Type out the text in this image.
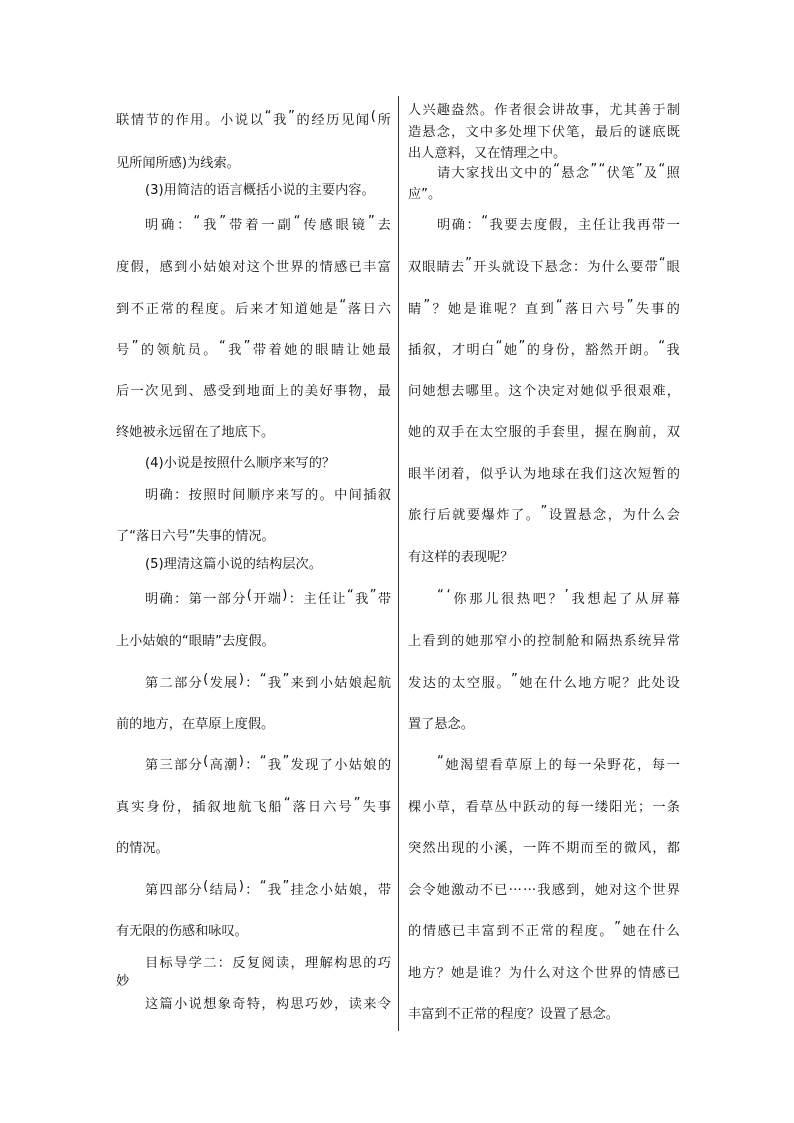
联 情 节 的 作 用 。 小 说 以 “ 我 ” 的 经 历 见 闻 ( 所
见所闻所感)为线索。
(3)用简洁的语言概括小说的主要内容。
明 确 ： “ 我 ” 带 着 一 副 “ 传 感 眼 镜 ” 去
度 假 ， 感 到 小 姑 娘 对 这 个 世 界 的 情 感 已 丰 富
到 不 正 常 的 程 度 。 后 来 才 知 道 她 是 “ 落 日 六
号 ” 的 领 航 员 。 “ 我 ” 带 着 她 的 眼 睛 让 她 最
后 一 次 见 到 、 感 受 到 地 面 上 的 美 好 事 物 ， 最
终她被永远留在了地底下。
(4)小说是按照什么顺序来写的？
明 确 ： 按 照 时 间 顺 序 来 写 的 。 中 间 插 叙
了“落日六号”失事的情况。
(5)理清这篇小说的结构层次。
明 确 ： 第 一 部 分 ( 开 端 ) ： 主 任 让 “ 我 ” 带
上小姑娘的“眼睛”去度假。
第 二 部 分 ( 发 展 ) ： “ 我 ” 来 到 小 姑 娘 起 航
前的地方，在草原上度假。
第 三 部 分 ( 高 潮 ) ： “ 我 ” 发 现 了 小 姑 娘 的
真 实 身 份 ， 插 叙 地 航 飞 船 “ 落 日 六 号 ” 失 事
的情况。
第 四 部 分 ( 结 局 ) ： “ 我 ” 挂 念 小 姑 娘 ， 带
有无限的伤感和咏叹。
目 标 导 学 二 ： 反 复 阅 读 ， 理 解 构 思 的 巧
妙
这 篇 小 说 想 象 奇 特 ， 构 思 巧 妙 ， 读 来 令
人 兴 趣 盎 然 。 作 者 很 会 讲 故 事 ， 尤 其 善 于 制
造 悬 念 ， 文 中 多 处 埋 下 伏 笔 ， 最 后 的 谜 底 既
出人意料，又在情理之中。
请 大 家 找 出 文 中 的 “ 悬 念 ” “ 伏 笔 ” 及 “ 照
应”。
明 确 ： “ 我 要 去 度 假 ， 主 任 让 我 再 带 一
双 眼 睛 去 ” 开 头 就 设 下 悬 念 ： 为 什 么 要 带 “ 眼
睛 ” ？ 她 是 谁 呢 ？ 直 到 “ 落 日 六 号 ” 失 事 的
插 叙 ， 才 明 白 “ 她 ” 的 身 份 ， 豁 然 开 朗 。 “ 我
问 她 想 去 哪 里 。 这 个 决 定 对 她 似 乎 很 艰 难 ，
她 的 双 手 在 太 空 服 的 手 套 里 ， 握 在 胸 前 ， 双
眼 半 闭 着 ， 似 乎 认 为 地 球 在 我 们 这 次 短 暂 的
旅 行 后 就 要 爆 炸 了 。 ” 设 置 悬 念 ， 为 什 么 会
有这样的表现呢？
“ ‘ 你 那 儿 很 热 吧 ？ ’ 我 想 起 了 从 屏 幕
上 看 到 的 她 那 窄 小 的 控 制 舱 和 隔 热 系 统 异 常
发 达 的 太 空 服 。 ” 她 在 什 么 地 方 呢 ？ 此 处 设
置了悬念。
“ 她 渴 望 看 草 原 上 的 每 一 朵 野 花 ， 每 一
棵 小 草 ， 看 草 丛 中 跃 动 的 每 一 缕 阳 光 ； 一 条
突 然 出 现 的 小 溪 ， 一 阵 不 期 而 至 的 微 风 ， 都
会 令 她 激 动 不 已 … … 我 感 到 ， 她 对 这 个 世 界
的 情 感 已 丰 富 到 不 正 常 的 程 度 。 ” 她 在 什 么
地 方 ？ 她 是 谁 ？ 为 什 么 对 这 个 世 界 的 情 感 已
丰富到不正常的程度？设置了悬念。
